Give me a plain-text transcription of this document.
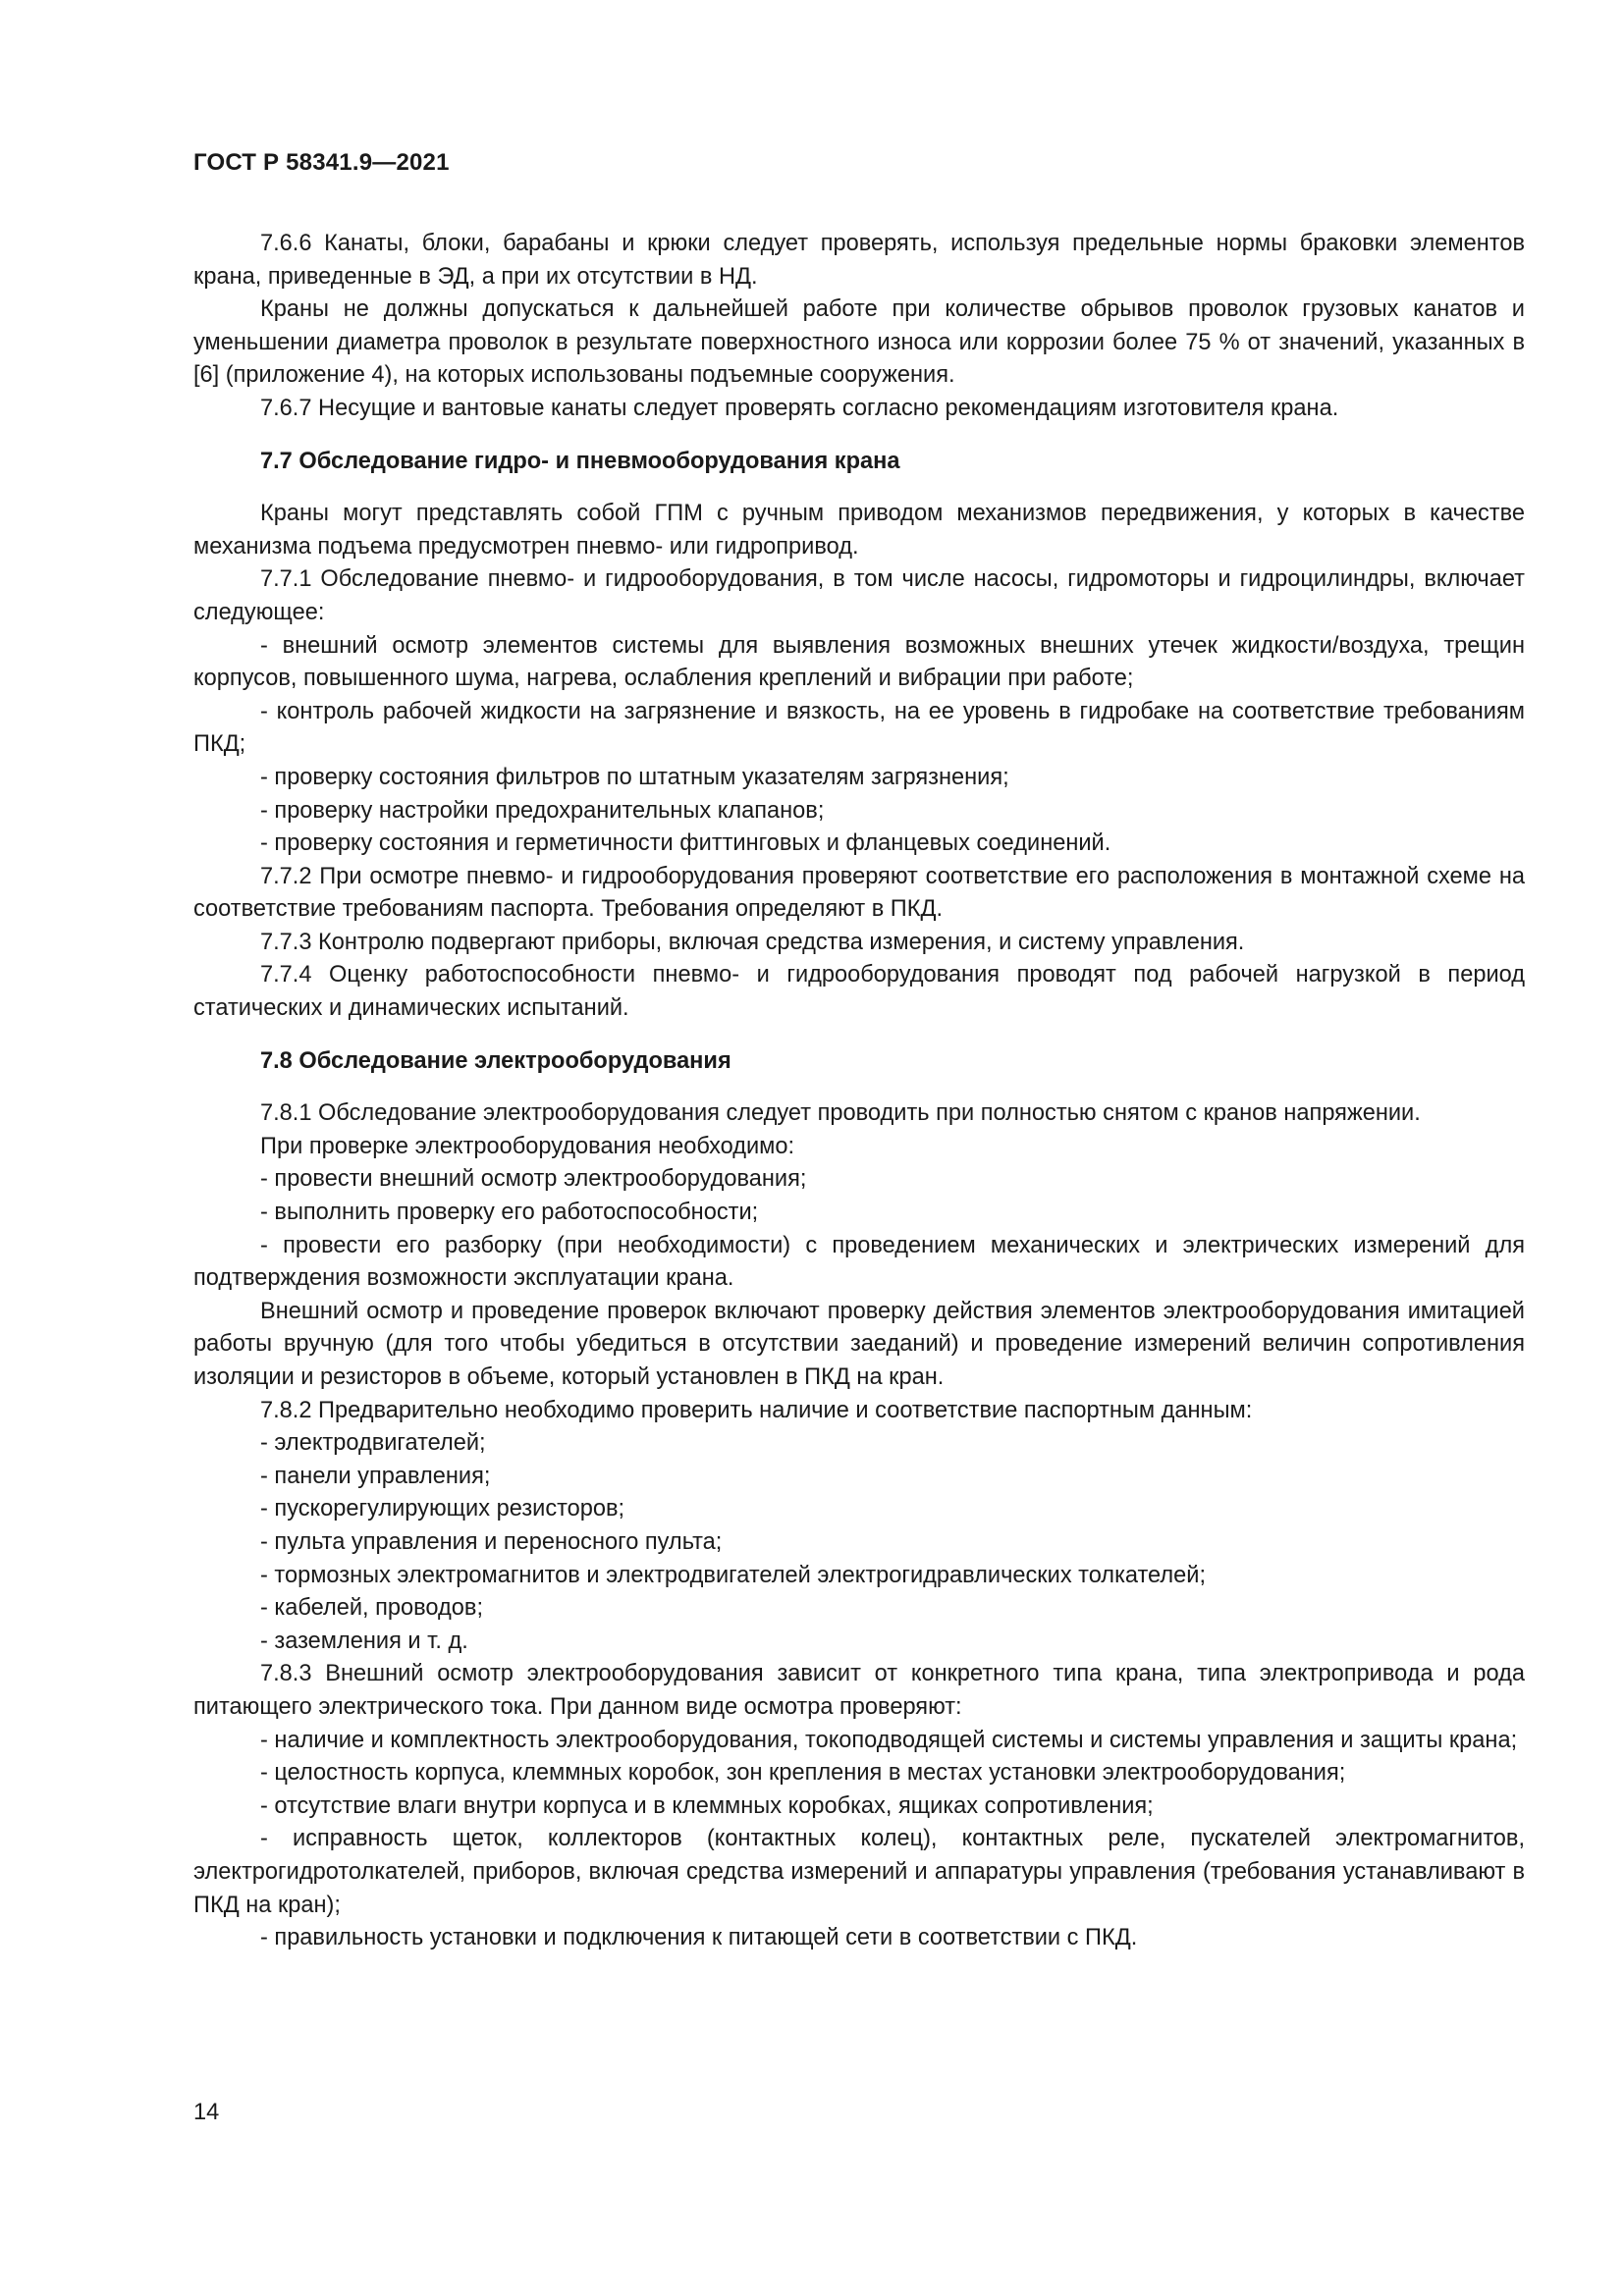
ГОСТ Р 58341.9—2021
7.6.6 Канаты, блоки, барабаны и крюки следует проверять, используя предельные нормы браковки элементов крана, приведенные в ЭД, а при их отсутствии в НД.
Краны не должны допускаться к дальнейшей работе при количестве обрывов проволок грузовых канатов и уменьшении диаметра проволок в результате поверхностного износа или коррозии более 75 % от значений, указанных в [6] (приложение 4), на которых использованы подъемные сооружения.
7.6.7 Несущие и вантовые канаты следует проверять согласно рекомендациям изготовителя крана.
7.7 Обследование гидро- и пневмооборудования крана
Краны могут представлять собой ГПМ с ручным приводом механизмов передвижения, у которых в качестве механизма подъема предусмотрен пневмо- или гидропривод.
7.7.1 Обследование пневмо- и гидрооборудования, в том числе насосы, гидромоторы и гидроцилиндры, включает следующее:
- внешний осмотр элементов системы для выявления возможных внешних утечек жидкости/воздуха, трещин корпусов, повышенного шума, нагрева, ослабления креплений и вибрации при работе;
- контроль рабочей жидкости на загрязнение и вязкость, на ее уровень в гидробаке на соответствие требованиям ПКД;
- проверку состояния фильтров по штатным указателям загрязнения;
- проверку настройки предохранительных клапанов;
- проверку состояния и герметичности фиттинговых и фланцевых соединений.
7.7.2 При осмотре пневмо- и гидрооборудования проверяют соответствие его расположения в монтажной схеме на соответствие требованиям паспорта. Требования определяют в ПКД.
7.7.3 Контролю подвергают приборы, включая средства измерения, и систему управления.
7.7.4 Оценку работоспособности пневмо- и гидрооборудования проводят под рабочей нагрузкой в период статических и динамических испытаний.
7.8 Обследование электрооборудования
7.8.1 Обследование электрооборудования следует проводить при полностью снятом с кранов напряжении.
При проверке электрооборудования необходимо:
- провести внешний осмотр электрооборудования;
- выполнить проверку его работоспособности;
- провести его разборку (при необходимости) с проведением механических и электрических измерений для подтверждения возможности эксплуатации крана.
Внешний осмотр и проведение проверок включают проверку действия элементов электрооборудования имитацией работы вручную (для того чтобы убедиться в отсутствии заеданий) и проведение измерений величин сопротивления изоляции и резисторов в объеме, который установлен в ПКД на кран.
7.8.2 Предварительно необходимо проверить наличие и соответствие паспортным данным:
- электродвигателей;
- панели управления;
- пускорегулирующих резисторов;
- пульта управления и переносного пульта;
- тормозных электромагнитов и электродвигателей электрогидравлических толкателей;
- кабелей, проводов;
- заземления и т. д.
7.8.3 Внешний осмотр электрооборудования зависит от конкретного типа крана, типа электропривода и рода питающего электрического тока. При данном виде осмотра проверяют:
- наличие и комплектность электрооборудования, токоподводящей системы и системы управления и защиты крана;
- целостность корпуса, клеммных коробок, зон крепления в местах установки электрооборудования;
- отсутствие влаги внутри корпуса и в клеммных коробках, ящиках сопротивления;
- исправность щеток, коллекторов (контактных колец), контактных реле, пускателей электромагнитов, электрогидротолкателей, приборов, включая средства измерений и аппаратуры управления (требования устанавливают в ПКД на кран);
- правильность установки и подключения к питающей сети в соответствии с ПКД.
14
